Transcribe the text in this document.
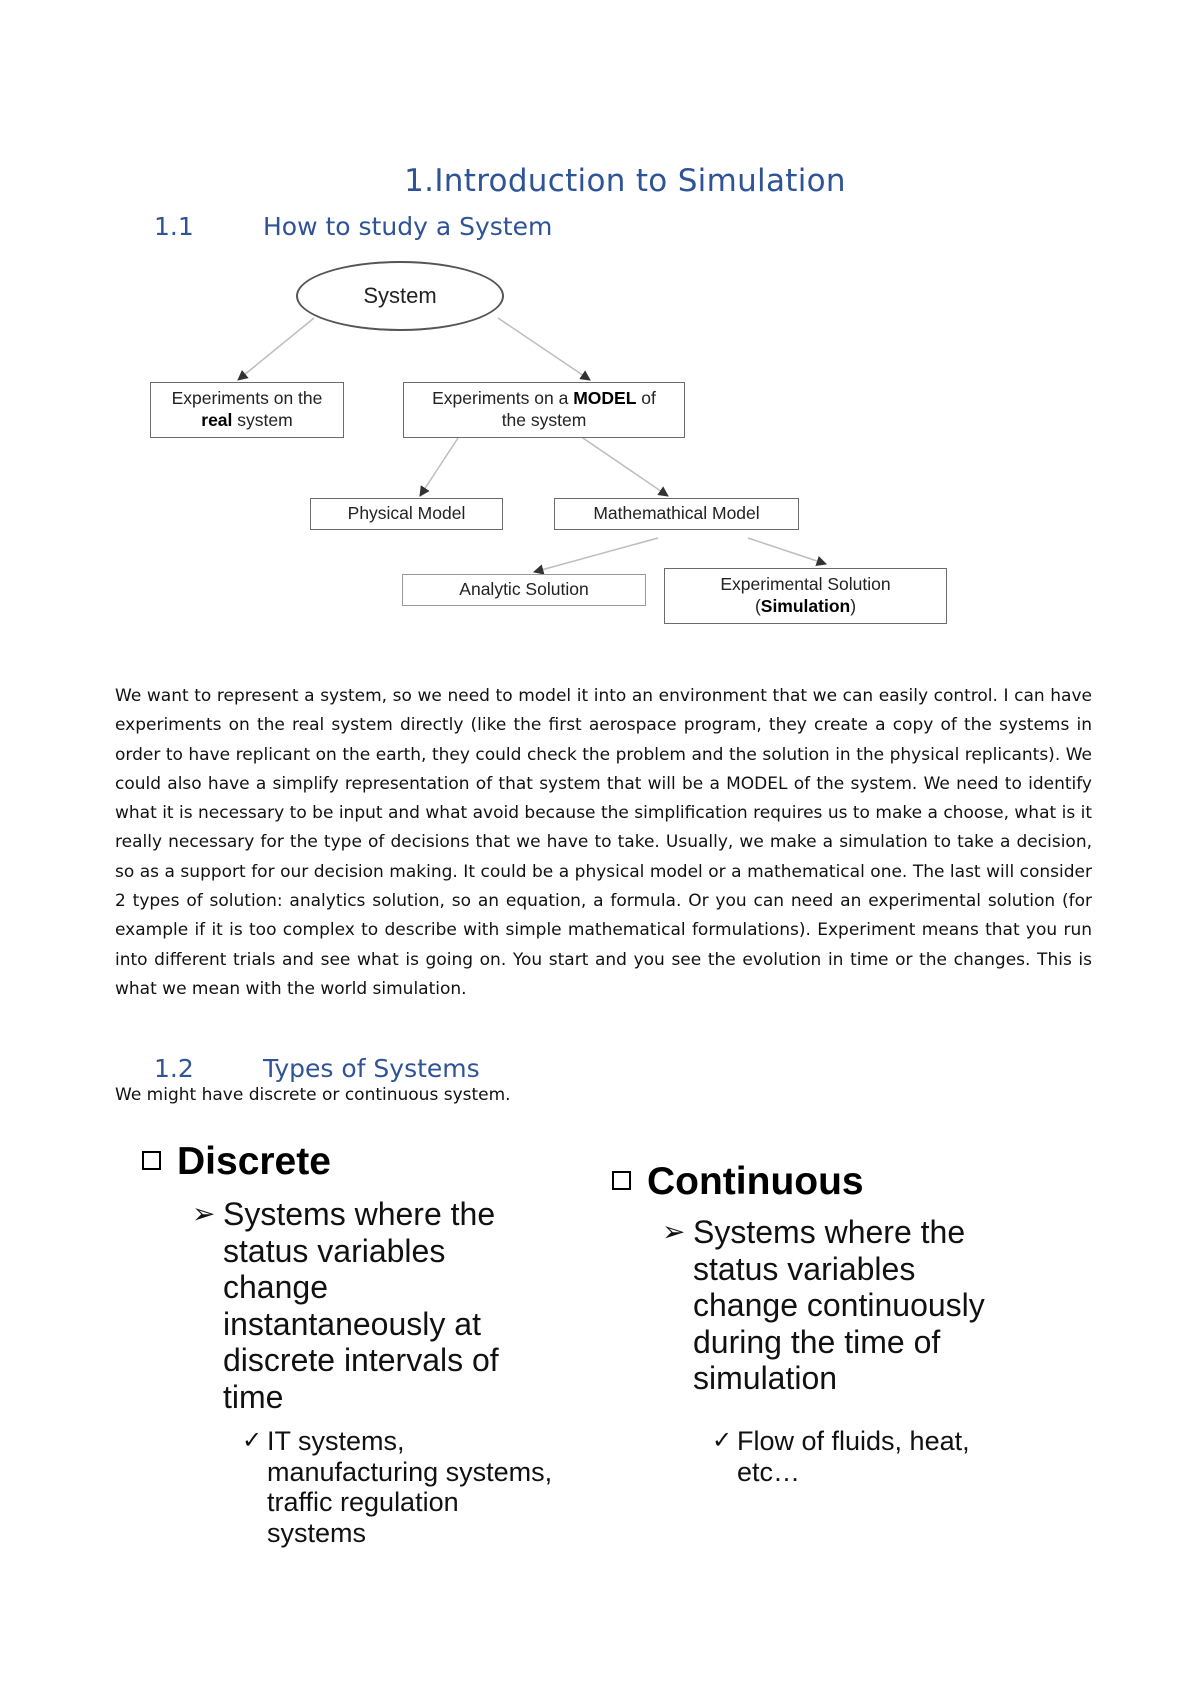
1.Introduction to Simulation
1.1	How to study a System
System
Experiments on the
real system
Experiments on a MODEL of
the system
Physical Model	Mathemathical Model
Analytic Solution	Experimental Solution
(Simulation)
We want to represent a system, so we need to model it into an environment that we can easily control. I can have experiments on the real system directly (like the first aerospace program, they create a copy of the systems in order to have replicant on the earth, they could check the problem and the solution in the physical replicants). We could also have a simplify representation of that system that will be a MODEL of the system. We need to identify what it is necessary to be input and what avoid because the simplification requires us to make a choose, what is it really necessary for the type of decisions that we have to take. Usually, we make a simulation to take a decision, so as a support for our decision making. It could be a physical model or a mathematical one. The last will consider 2 types of solution: analytics solution, so an equation, a formula. Or you can need an experimental solution (for example if it is too complex to describe with simple mathematical formulations). Experiment means that you run into different trials and see what is going on. You start and you see the evolution in time or the changes. This is what we mean with the world simulation.
1.2	Types of Systems
We might have discrete or continuous system.
Discrete
➢ Systems where the
status variables
change
instantaneously at
discrete intervals of
time
✓ IT systems,
manufacturing systems,
traffic regulation
systems
Continuous
➢ Systems where the
status variables
change continuously
during the time of
simulation
✓ Flow of fluids, heat,
etc…
